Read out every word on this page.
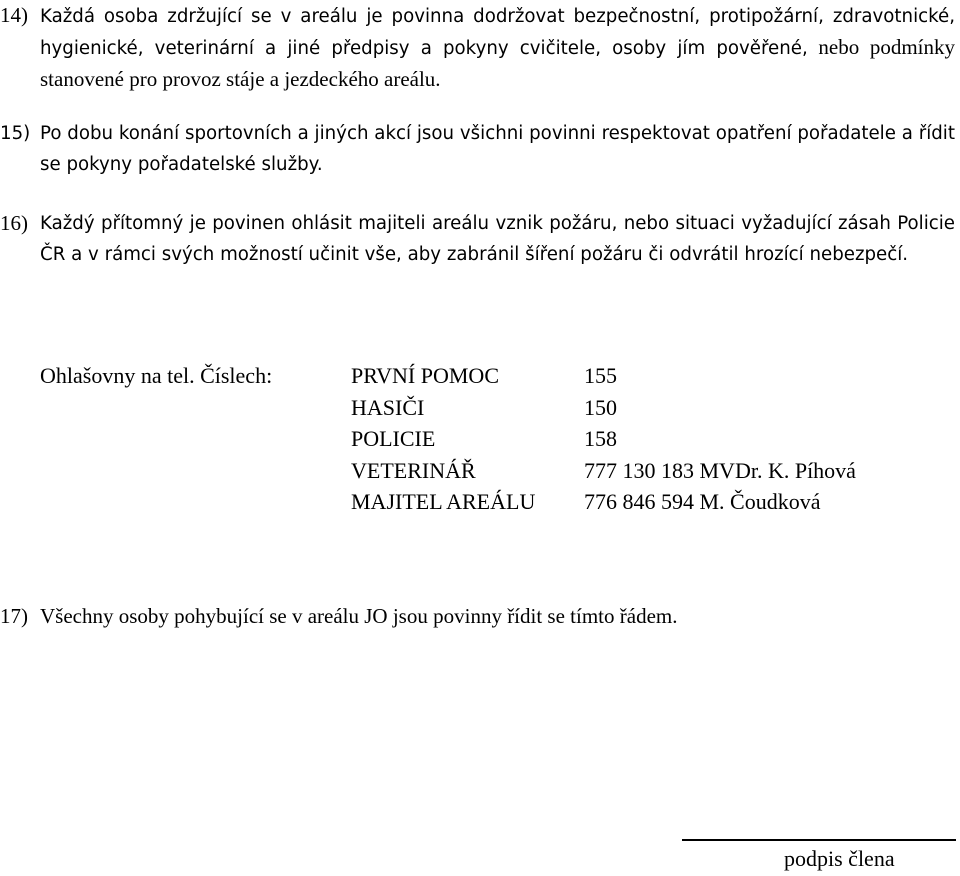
14) Každá osoba zdržující se v areálu je povinna dodržovat bezpečnostní, protipožární, zdravotnické, hygienické, veterinární a jiné předpisy a pokyny cvičitele, osoby jím pověřené, nebo podmínky stanovené pro provoz stáje a jezdeckého areálu.
15) Po dobu konání sportovních a jiných akcí jsou všichni povinni respektovat opatření pořadatele a řídit se pokyny pořadatelské služby.
16) Každý přítomný je povinen ohlásit majiteli areálu vznik požáru, nebo situaci vyžadující zásah Policie ČR a v rámci svých možností učinit vše, aby zabránil šíření požáru či odvrátil hrozící nebezpečí.
Ohlašovny na tel. Číslech:	PRVNÍ POMOC	155
HASIČI	150
POLICIE	158
VETERINÁŘ	777 130 183 MVDr. K. Píhová
MAJITEL AREÁLU 776 846 594 M. Čoudková
17) Všechny osoby pohybující se v areálu JO jsou povinny řídit se tímto řádem.
podpis člena
